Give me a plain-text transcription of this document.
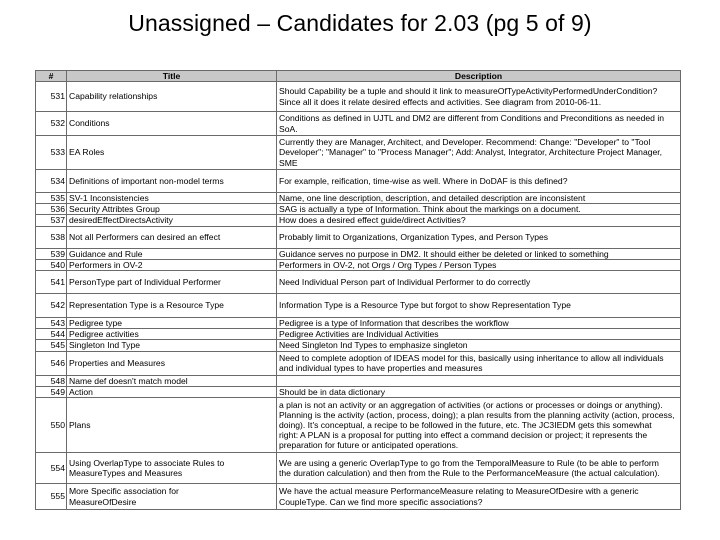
Unassigned – Candidates for 2.03 (pg 5 of 9)
#	Title	Description
531	Capability relationships	Should Capability be a tuple and should it link to measureOfTypeActivityPerformedUnderCondition?
Since all it does it relate desired effects and activities. See diagram from 2010-06-11.
532	Conditions	Conditions as defined in UJTL and DM2 are different from Conditions and Preconditions as needed in
SoA.
533	EA Roles	Currently they are Manager, Architect, and Developer. Recommend: Change: "Developer" to "Tool
Developer"; "Manager" to "Process Manager"; Add: Analyst, Integrator, Architecture Project Manager,
SME
534	Definitions of important non-model terms	For example, reification, time-wise as well. Where in DoDAF is this defined?
535	SV-1 Inconsistencies	Name, one line description, description, and detailed description are inconsistent
536	Security Attribtes Group	SAG is actually a type of Information. Think about the markings on a document.
537	desiredEffectDirectsActivity	How does a desired effect guide/direct Activities?
538	Not all Performers can desired an effect	Probably limit to Organizations, Organization Types, and Person Types
539	Guidance and Rule	Guidance serves no purpose in DM2. It should either be deleted or linked to something
540	Performers in OV-2	Performers in OV-2, not Orgs / Org Types / Person Types
541	PersonType part of Individual Performer	Need Individual Person part of Individual Performer to do correctly
542	Representation Type is a Resource Type	Information Type is a Resource Type but forgot to show Representation Type
543	Pedigree type	Pedigree is a type of Information that describes the workflow
544	Pedigree activities	Pedigree Activities are Individual Activities
545	Singleton Ind Type	Need Singleton Ind Types to emphasize singleton
546	Properties and Measures	Need to complete adoption of IDEAS model for this, basically using inheritance to allow all individuals
and individual types to have properties and measures
548	Name def doesn't match model	
549	Action	Should be in data dictionary
550	Plans	a plan is not an activity or an aggregation of activities (or actions or processes or doings or anything).
Planning is the activity (action, process, doing); a plan results from the planning activity (action, process,
doing). It's conceptual, a recipe to be followed in the future, etc. The JC3IEDM gets this somewhat
right: A PLAN is a proposal for putting into effect a command decision or project; it represents the
preparation for future or anticipated operations.
554	Using OverlapType to associate Rules to
MeasureTypes and Measures	We are using a generic OverlapType to go from the TemporalMeasure to Rule (to be able to perform
the duration calculation) and then from the Rule to the PerformanceMeasure (the actual calculation).
555	More Specific association for
MeasureOfDesire	We have the actual measure PerformanceMeasure relating to MeasureOfDesire with a generic
CoupleType. Can we find more specific associations?
